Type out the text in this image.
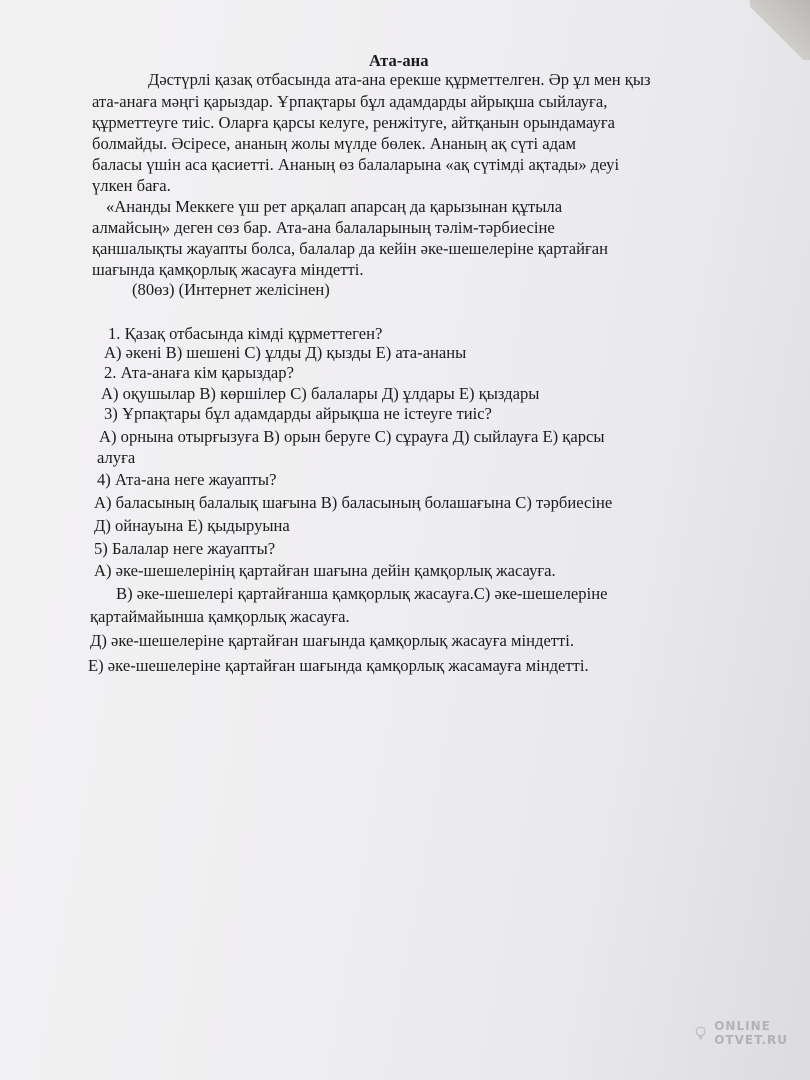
Ата-ана
Дәстүрлі қазақ отбасында ата-ана ерекше құрметтелген. Әр ұл мен қыз
ата-анаға мәңгі қарыздар. Ұрпақтары бұл адамдарды айрықша сыйлауға,
құрметтеуге тиіс. Оларға қарсы келуге, ренжітуге, айтқанын орындамауға
болмайды. Әсіресе, ананың жолы мүлде бөлек. Ананың ақ сүті адам
баласы үшін аса қасиетті. Ананың өз балаларына «ақ сүтімді ақтады» деуі
үлкен баға.
«Ананды Меккеге үш рет арқалап апарсаң да қарызынан құтыла
алмайсың» деген сөз бар. Ата-ана балаларының тәлім-тәрбиесіне
қаншалықты жауапты болса, балалар да кейін әке-шешелеріне қартайған
шағында қамқорлық жасауға міндетті.
(80өз) (Интернет желісінен)
1. Қазақ отбасында кімді құрметтеген?
А) әкені В) шешені С) ұлды Д) қызды Е) ата-ананы
2. Ата-анаға кім қарыздар?
А) оқушылар В) көршілер С) балалары Д) ұлдары Е) қыздары
3) Ұрпақтары бұл адамдарды айрықша не істеуге тиіс?
А) орнына отырғызуға В) орын беруге С) сұрауға Д) сыйлауға Е) қарсы
алуға
4) Ата-ана неге жауапты?
А) баласының балалық шағына В) баласының болашағына С) тәрбиесіне
Д) ойнауына Е) қыдыруына
5) Балалар неге жауапты?
А) әке-шешелерінің қартайған шағына дейін қамқорлық жасауға.
В) әке-шешелері қартайғанша қамқорлық жасауға.С) әке-шешелеріне
қартаймайынша қамқорлық жасауға.
Д) әке-шешелеріне қартайған шағында қамқорлық жасауға міндетті.
Е) әке-шешелеріне қартайған шағында қамқорлық жасамауға міндетті.
ONLINE
OTVET.RU
